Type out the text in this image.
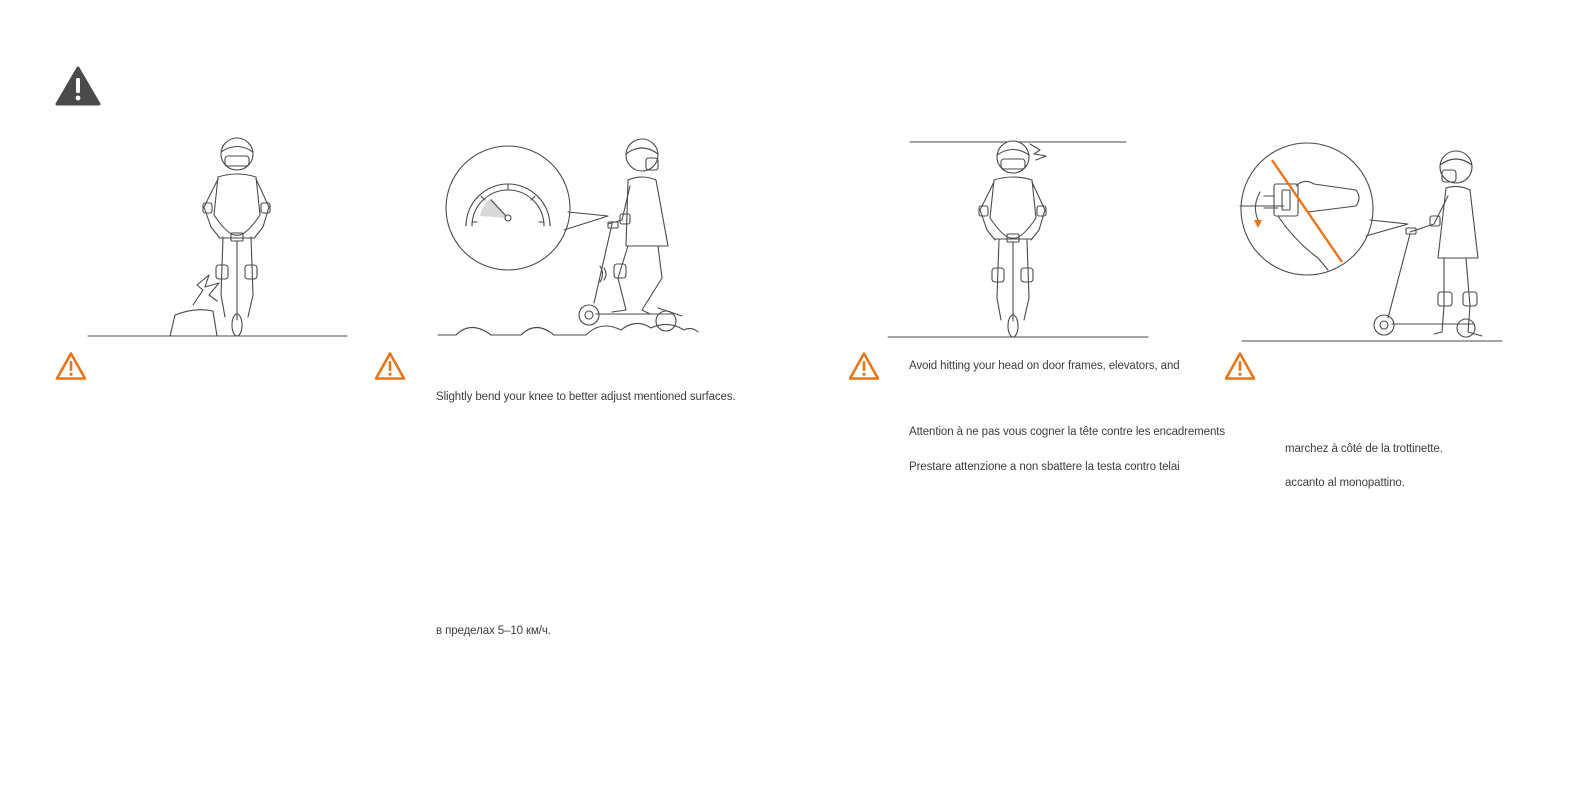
Slightly bend your knee to better adjust mentioned surfaces.
в пределах 5–10 км/ч.
Avoid hitting your head on door frames, elevators, and
Attention à ne pas vous cogner la tête contre les encadrements
Prestare attenzione a non sbattere la testa contro telai
marchez à côté de la trottinette.
accanto al monopattino.
